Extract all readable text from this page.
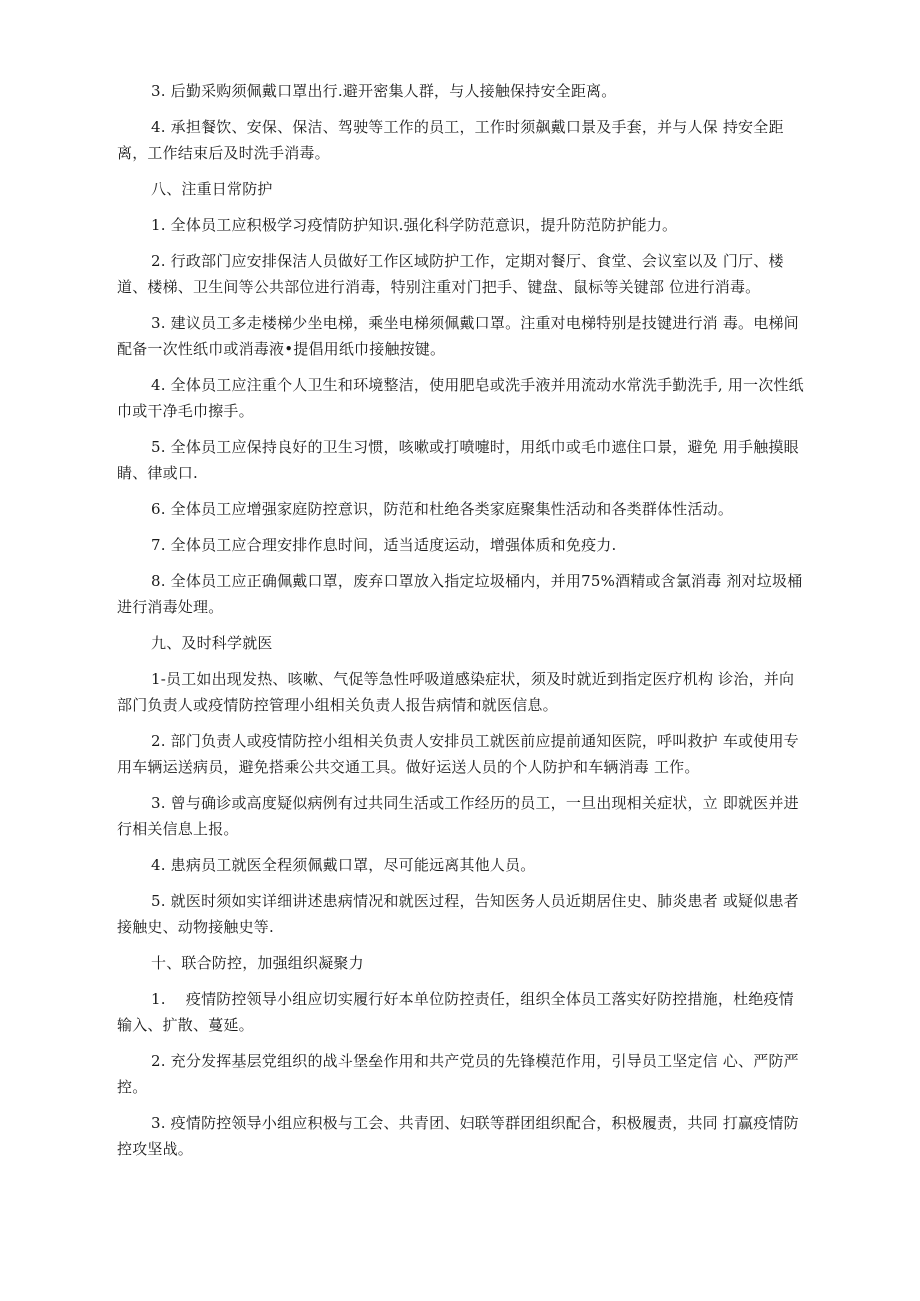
3. 后勤采购须佩戴口罩出行.避开密集人群，与人接触保持安全距离。

4. 承担餐饮、安保、保洁、驾驶等工作的员工，工作时须飙戴口景及手套，并与人保 持安全距离，工作结束后及时洗手消毒。

八、注重日常防护

1. 全体员工应积极学习疫情防护知识.强化科学防范意识，提升防范防护能力。

2. 行政部门应安排保洁人员做好工作区域防护工作，定期对餐厅、食堂、会议室以及 门厅、楼道、楼梯、卫生间等公共部位进行消毒，特别注重对门把手、键盘、鼠标等关键部 位进行消毒。

3. 建议员工多走楼梯少坐电梯，乘坐电梯须佩戴口罩。注重对电梯特别是技键进行消 毒。电梯间配备一次性纸巾或消毒液•提倡用纸巾接触按键。

4. 全体员工应注重个人卫生和环境整洁，使用肥皂或洗手液并用流动水常洗手勤洗手, 用一次性纸巾或干净毛巾擦手。

5. 全体员工应保持良好的卫生习惯，咳嗽或打喷嚏时，用纸巾或毛巾遮住口景，避免 用手触摸眼睛、律或口.

6. 全体员工应增强家庭防控意识，防范和杜绝各类家庭聚集性活动和各类群体性活动。

7. 全体员工应合理安排作息时间，适当适度运动，增强体质和免疫力.

8. 全体员工应正确佩戴口罩，废弃口罩放入指定垃圾桶内，并用75%酒精或含氯消毒 剂对垃圾桶进行消毒处理。

九、及时科学就医

1-员工如出现发热、咳嗽、气促等急性呼吸道感染症状，须及时就近到指定医疗机构 诊治，并向部门负责人或疫情防控管理小组相关负责人报告病情和就医信息。

2. 部门负责人或疫情防控小组相关负责人安排员工就医前应提前通知医院，呼叫救护 车或使用专用车辆运送病员，避免搭乘公共交通工具。做好运送人员的个人防护和车辆消毒 工作。

3. 曾与确诊或高度疑似病例有过共同生活或工作经历的员工，一旦出现相关症状，立 即就医并进行相关信息上报。

4. 患病员工就医全程须佩戴口罩，尽可能远离其他人员。

5. 就医时须如实详细讲述患病情况和就医过程，告知医务人员近期居住史、肺炎患者 或疑似患者接触史、动物接触史等.

十、联合防控，加强组织凝聚力

1.　 疫情防控领导小组应切实履行好本单位防控责任，组织全体员工落实好防控措施，杜绝疫情输入、扩散、蔓延。

2. 充分发挥基层党组织的战斗堡垒作用和共产党员的先锋模范作用，引导员工坚定信 心、严防严控。

3. 疫情防控领导小组应积极与工会、共青团、妇联等群团组织配合，积极履责，共同 打赢疫情防控攻坚战。
